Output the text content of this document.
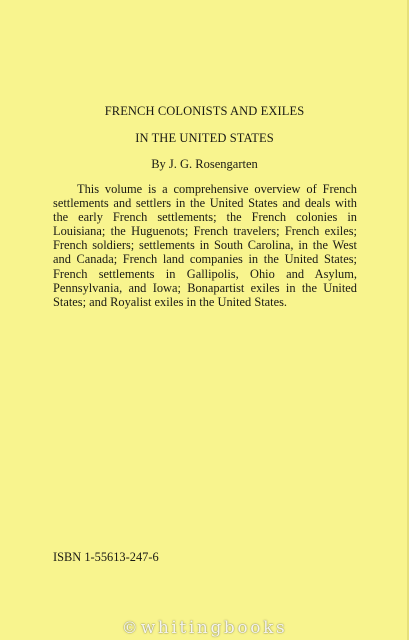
FRENCH COLONISTS AND EXILES
IN THE UNITED STATES
By J. G. Rosengarten

This volume is a comprehensive overview of French settlements and settlers in the United States and deals with the early French settlements; the French colonies in Louisiana; the Huguenots; French travelers; French exiles; French soldiers; settlements in South Carolina, in the West and Canada; French land companies in the United States; French settlements in Gallipolis, Ohio and Asylum, Pennsylvania, and Iowa; Bonapartist exiles in the United States; and Royalist exiles in the United States.

ISBN 1-55613-247-6
© whitingbooks
